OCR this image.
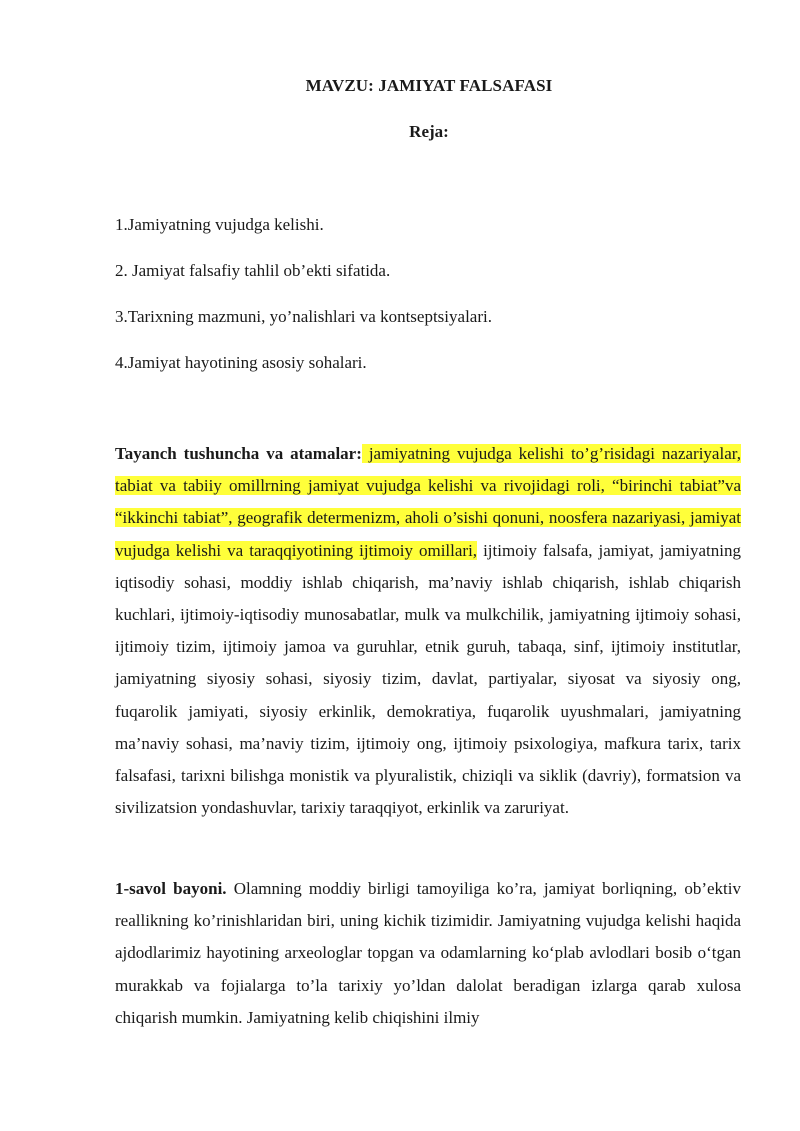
MAVZU: JAMIYAT FALSAFASI
Reja:
1.Jamiyatning vujudga kelishi.
2. Jamiyat falsafiy tahlil ob’ekti sifatida.
3.Tarixning mazmuni, yo’nalishlari va kontseptsiyalari.
4.Jamiyat hayotining asosiy sohalari.

Tayanch tushuncha va atamalar: jamiyatning vujudga kelishi to’g’risidagi nazariyalar, tabiat va tabiiy omillrning jamiyat vujudga kelishi va rivojidagi roli, “birinchi tabiat”va “ikkinchi tabiat”, geografik determenizm, aholi o’sishi qonuni, noosfera nazariyasi, jamiyat vujudga kelishi va taraqqiyotining ijtimoiy omillari, ijtimoiy falsafa, jamiyat, jamiyatning iqtisodiy sohasi, moddiy ishlab chiqarish, ma’naviy ishlab chiqarish, ishlab chiqarish kuchlari, ijtimoiy-iqtisodiy munosabatlar, mulk va mulkchilik, jamiyatning ijtimoiy sohasi, ijtimoiy tizim, ijtimoiy jamoa va guruhlar, etnik guruh, tabaqa, sinf, ijtimoiy institutlar, jamiyatning siyosiy sohasi, siyosiy tizim, davlat, partiyalar, siyosat va siyosiy ong, fuqarolik jamiyati, siyosiy erkinlik, demokratiya, fuqarolik uyushmalari, jamiyatning ma’naviy sohasi, ma’naviy tizim, ijtimoiy ong, ijtimoiy psixologiya, mafkura tarix, tarix falsafasi, tarixni bilishga monistik va plyuralistik, chiziqli va siklik (davriy), formatsion va sivilizatsion yondashuvlar, tarixiy taraqqiyot, erkinlik va zaruriyat.

1-savol bayoni. Olamning moddiy birligi tamoyiliga ko’ra, jamiyat borliqning, ob’ektiv reallikning ko’rinishlaridan biri, uning kichik tizimidir. Jamiyatning vujudga kelishi haqida ajdodlarimiz hayotining arxeologlar topgan va odamlarning ko‘plab avlodlari bosib o‘tgan murakkab va fojialarga to’la tarixiy yo’ldan dalolat beradigan izlarga qarab xulosa chiqarish mumkin. Jamiyatning kelib chiqishini ilmiy
